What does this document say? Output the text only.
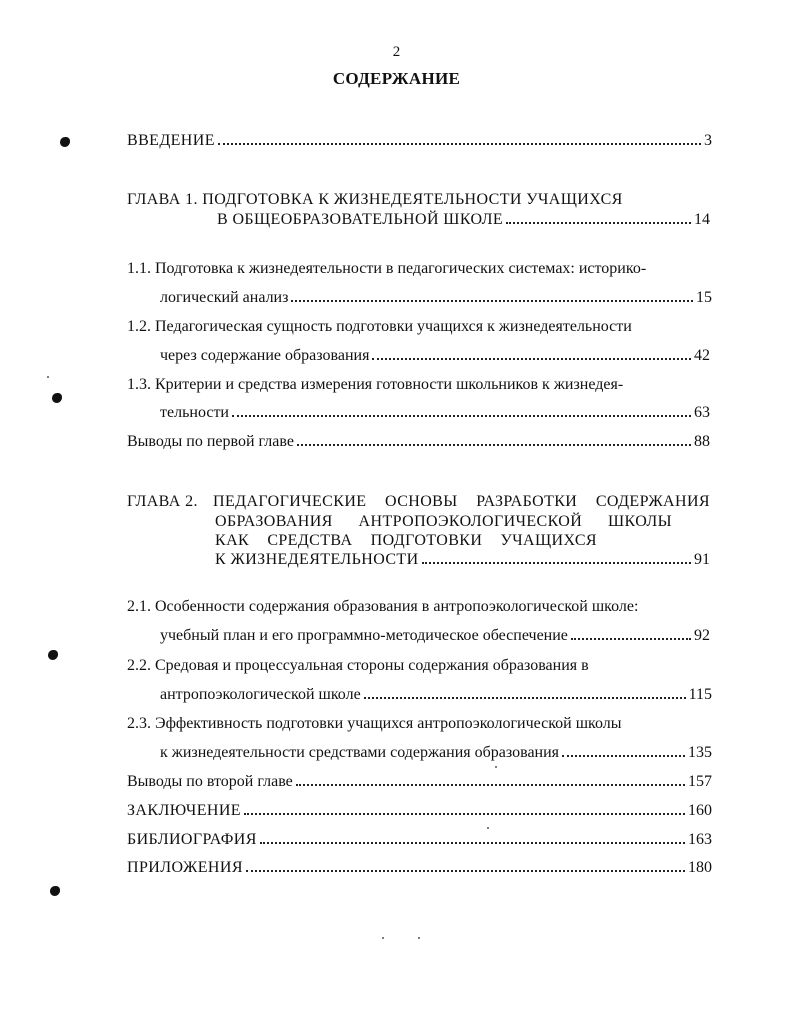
2
СОДЕРЖАНИЕ
ВВЕДЕНИЕ	3
ГЛАВА 1. ПОДГОТОВКА К ЖИЗНЕДЕЯТЕЛЬНОСТИ УЧАЩИХСЯ
В ОБЩЕОБРАЗОВАТЕЛЬНОЙ ШКОЛЕ	14
1.1. Подготовка к жизнедеятельности в педагогических системах: историко-
логический анализ	15
1.2. Педагогическая сущность подготовки учащихся к жизнедеятельности
через содержание образования	42
1.3. Критерии и средства измерения готовности школьников к жизнедея-
тельности	63
Выводы по первой главе	88
ГЛАВА 2. ПЕДАГОГИЧЕСКИЕ ОСНОВЫ РАЗРАБОТКИ СОДЕРЖАНИЯ
ОБРАЗОВАНИЯ АНТРОПОЭКОЛОГИЧЕСКОЙ ШКОЛЫ
КАК СРЕДСТВА ПОДГОТОВКИ УЧАЩИХСЯ
К ЖИЗНЕДЕЯТЕЛЬНОСТИ	91
2.1. Особенности содержания образования в антропоэкологической школе:
учебный план и его программно-методическое обеспечение	92
2.2. Средовая и процессуальная стороны содержания образования в
антропоэкологической школе	115
2.3. Эффективность подготовки учащихся антропоэкологической школы
к жизнедеятельности средствами содержания образования	135
Выводы по второй главе	157
ЗАКЛЮЧЕНИЕ	160
БИБЛИОГРАФИЯ	163
ПРИЛОЖЕНИЯ	180
